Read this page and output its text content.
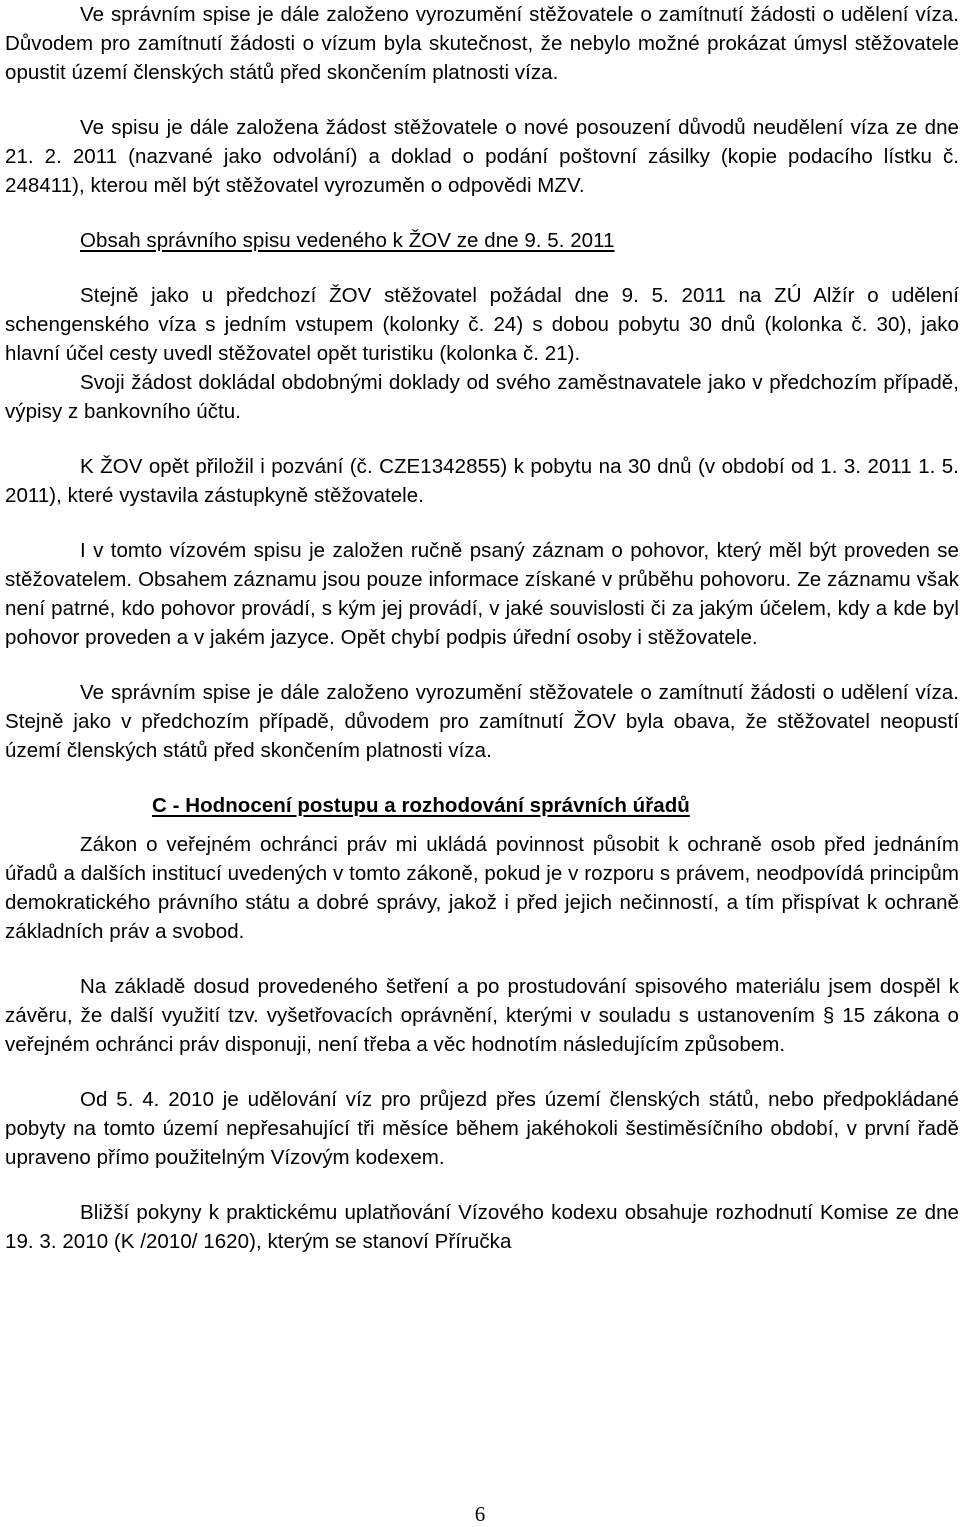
Ve správním spise je dále založeno vyrozumění stěžovatele o zamítnutí žádosti o udělení víza. Důvodem pro zamítnutí žádosti o vízum byla skutečnost, že nebylo možné prokázat úmysl stěžovatele opustit území členských států před skončením platnosti víza.

Ve spisu je dále založena žádost stěžovatele o nové posouzení důvodů neudělení víza ze dne 21. 2. 2011 (nazvané jako odvolání) a doklad o podání poštovní zásilky (kopie podacího lístku č. 248411), kterou měl být stěžovatel vyrozuměn o odpovědi MZV.

Obsah správního spisu vedeného k ŽOV ze dne 9. 5. 2011

Stejně jako u předchozí ŽOV stěžovatel požádal dne 9. 5. 2011 na ZÚ Alžír o udělení schengenského víza s jedním vstupem (kolonky č. 24) s dobou pobytu 30 dnů (kolonka č. 30), jako hlavní účel cesty uvedl stěžovatel opět turistiku (kolonka č. 21).

Svoji žádost dokládal obdobnými doklady od svého zaměstnavatele jako v předchozím případě, výpisy z bankovního účtu.

K ŽOV opět přiložil i pozvání (č. CZE1342855) k pobytu na 30 dnů (v období od 1. 3. 2011 1. 5. 2011), které vystavila zástupkyně stěžovatele.

I v tomto vízovém spisu je založen ručně psaný záznam o pohovor, který měl být proveden se stěžovatelem. Obsahem záznamu jsou pouze informace získané v průběhu pohovoru. Ze záznamu však není patrné, kdo pohovor provádí, s kým jej provádí, v jaké souvislosti či za jakým účelem, kdy a kde byl pohovor proveden a v jakém jazyce. Opět chybí podpis úřední osoby i stěžovatele.

Ve správním spise je dále založeno vyrozumění stěžovatele o zamítnutí žádosti o udělení víza. Stejně jako v předchozím případě, důvodem pro zamítnutí ŽOV byla obava, že stěžovatel neopustí území členských států před skončením platnosti víza.

C - Hodnocení postupu a rozhodování správních úřadů

Zákon o veřejném ochránci práv mi ukládá povinnost působit k ochraně osob před jednáním úřadů a dalších institucí uvedených v tomto zákoně, pokud je v rozporu s právem, neodpovídá principům demokratického právního státu a dobré správy, jakož i před jejich nečinností, a tím přispívat k ochraně základních práv a svobod.

Na základě dosud provedeného šetření a po prostudování spisového materiálu jsem dospěl k závěru, že další využití tzv. vyšetřovacích oprávnění, kterými v souladu s ustanovením § 15 zákona o veřejném ochránci práv disponuji, není třeba a věc hodnotím následujícím způsobem.

Od 5. 4. 2010 je udělování víz pro průjezd přes území členských států, nebo předpokládané pobyty na tomto území nepřesahující tři měsíce během jakéhokoli šestiměsíčního období, v první řadě upraveno přímo použitelným Vízovým kodexem.

Bližší pokyny k praktickému uplatňování Vízového kodexu obsahuje rozhodnutí Komise ze dne 19. 3. 2010 (K /2010/ 1620), kterým se stanoví Příručka

6
